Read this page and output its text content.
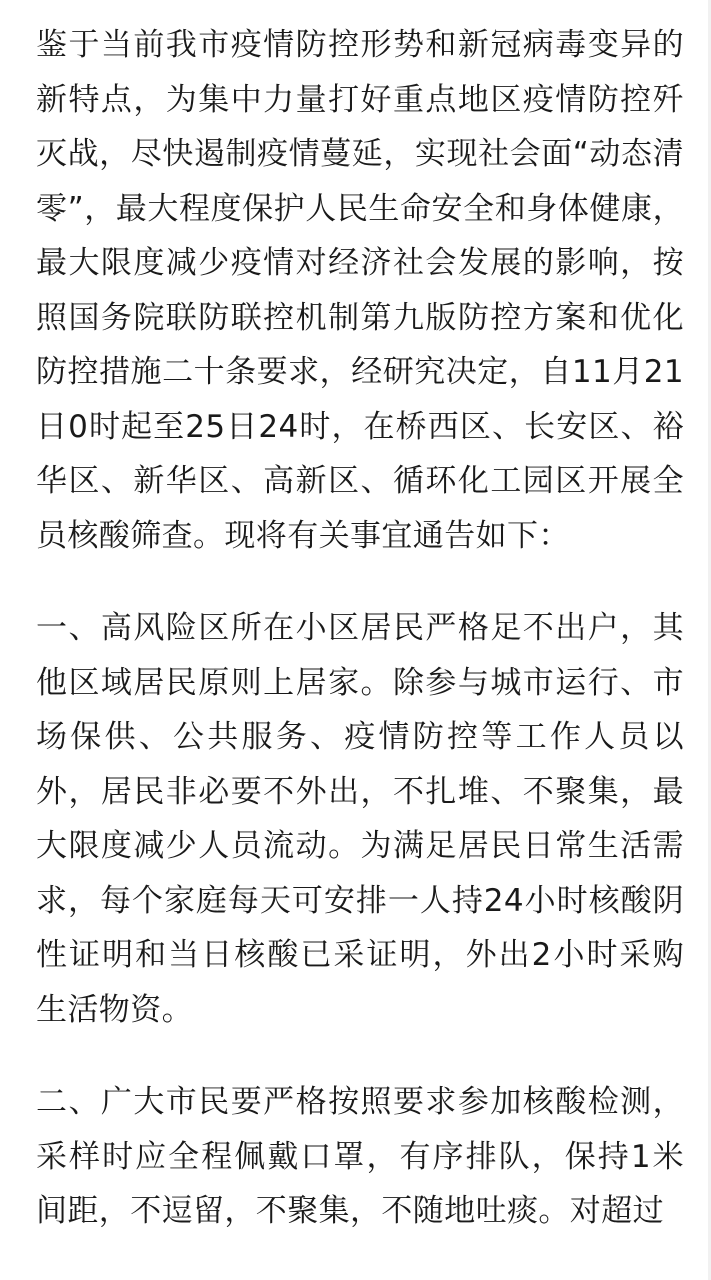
鉴于当前我市疫情防控形势和新冠病毒变异的新特点，为集中力量打好重点地区疫情防控歼灭战，尽快遏制疫情蔓延，实现社会面“动态清零”，最大程度保护人民生命安全和身体健康，最大限度减少疫情对经济社会发展的影响，按照国务院联防联控机制第九版防控方案和优化防控措施二十条要求，经研究决定，自11月21日0时起至25日24时，在桥西区、长安区、裕华区、新华区、高新区、循环化工园区开展全员核酸筛查。现将有关事宜通告如下：

一、高风险区所在小区居民严格足不出户，其他区域居民原则上居家。除参与城市运行、市场保供、公共服务、疫情防控等工作人员以外，居民非必要不外出，不扎堆、不聚集，最大限度减少人员流动。为满足居民日常生活需求，每个家庭每天可安排一人持24小时核酸阴性证明和当日核酸已采证明，外出2小时采购生活物资。

二、广大市民要严格按照要求参加核酸检测，采样时应全程佩戴口罩，有序排队，保持1米间距，不逗留，不聚集，不随地吐痰。对超过
